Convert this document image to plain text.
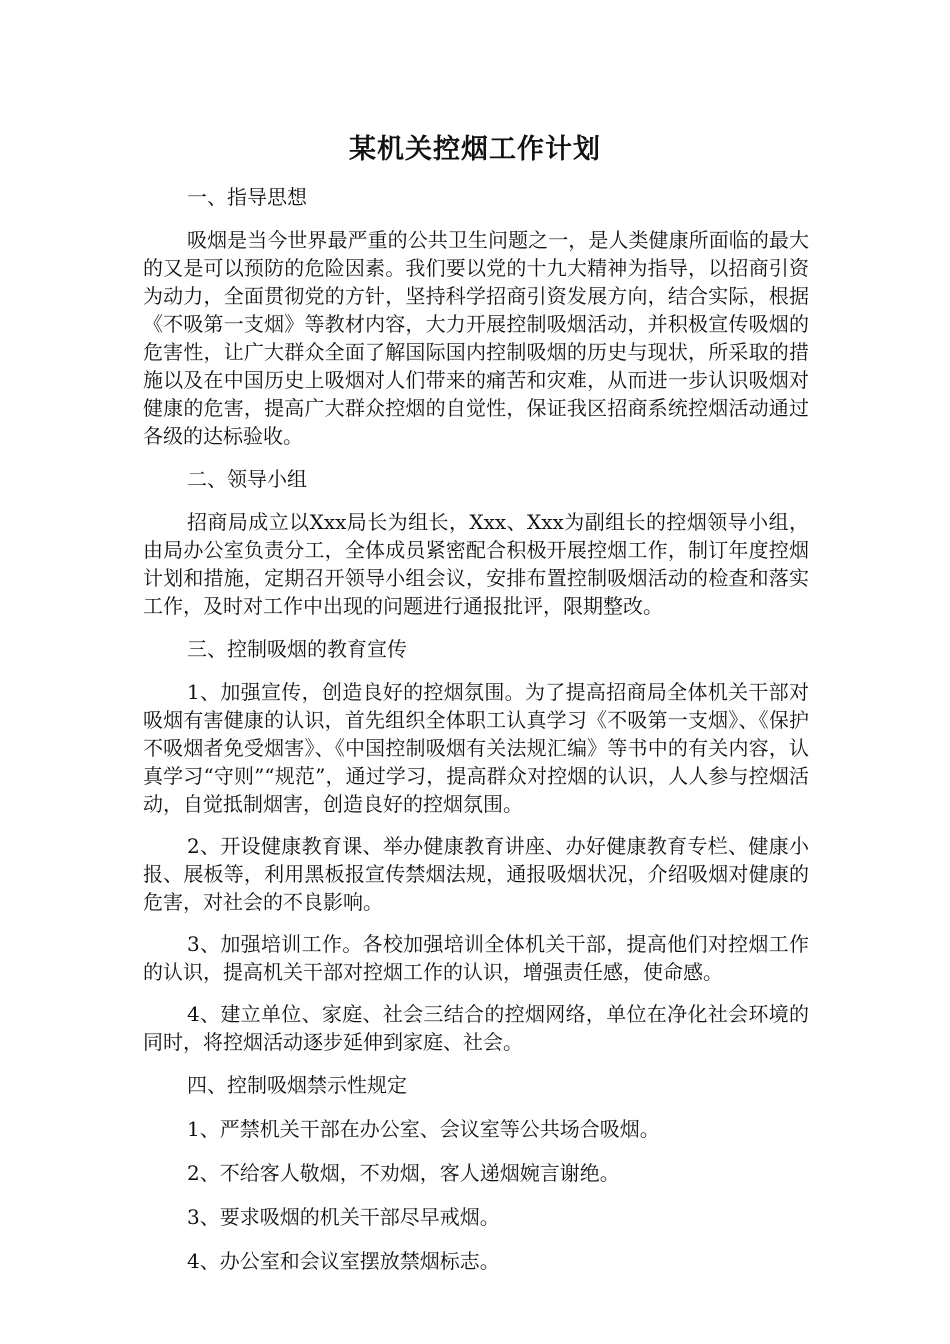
某机关控烟工作计划
一、指导思想
吸烟是当今世界最严重的公共卫生问题之一，是人类健康所面临的最大的又是可以预防的危险因素。我们要以党的十九大精神为指导，以招商引资为动力，全面贯彻党的方针，坚持科学招商引资发展方向，结合实际，根据《不吸第一支烟》等教材内容，大力开展控制吸烟活动，并积极宣传吸烟的危害性，让广大群众全面了解国际国内控制吸烟的历史与现状，所采取的措施以及在中国历史上吸烟对人们带来的痛苦和灾难，从而进一步认识吸烟对健康的危害，提高广大群众控烟的自觉性，保证我区招商系统控烟活动通过各级的达标验收。
二、领导小组
招商局成立以Xxx局长为组长，Xxx、Xxx为副组长的控烟领导小组，由局办公室负责分工，全体成员紧密配合积极开展控烟工作，制订年度控烟计划和措施，定期召开领导小组会议，安排布置控制吸烟活动的检查和落实工作，及时对工作中出现的问题进行通报批评，限期整改。
三、控制吸烟的教育宣传
1、加强宣传，创造良好的控烟氛围。为了提高招商局全体机关干部对吸烟有害健康的认识，首先组织全体职工认真学习《不吸第一支烟》、《保护不吸烟者免受烟害》、《中国控制吸烟有关法规汇编》等书中的有关内容，认真学习“守则”“规范”，通过学习，提高群众对控烟的认识，人人参与控烟活动，自觉抵制烟害，创造良好的控烟氛围。
2、开设健康教育课、举办健康教育讲座、办好健康教育专栏、健康小报、展板等，利用黑板报宣传禁烟法规，通报吸烟状况，介绍吸烟对健康的危害，对社会的不良影响。
3、加强培训工作。各校加强培训全体机关干部，提高他们对控烟工作的认识，提高机关干部对控烟工作的认识，增强责任感，使命感。
4、建立单位、家庭、社会三结合的控烟网络，单位在净化社会环境的同时，将控烟活动逐步延伸到家庭、社会。
四、控制吸烟禁示性规定
1、严禁机关干部在办公室、会议室等公共场合吸烟。
2、不给客人敬烟，不劝烟，客人递烟婉言谢绝。
3、要求吸烟的机关干部尽早戒烟。
4、办公室和会议室摆放禁烟标志。
